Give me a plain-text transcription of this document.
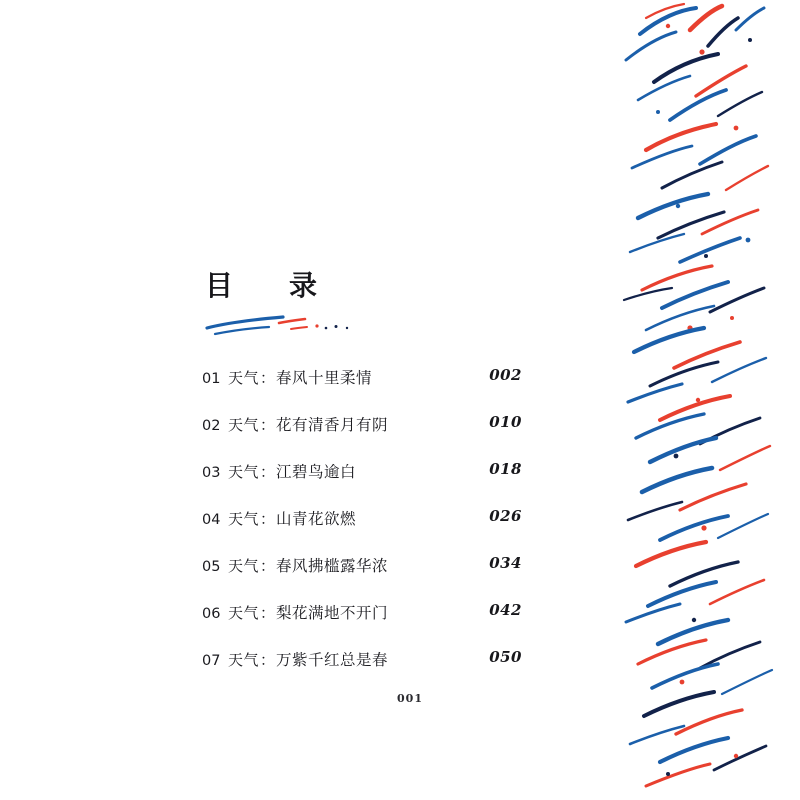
目　录
01 天气 ： 春风十里柔情	002
02 天气 ： 花有清香月有阴	010
03 天气 ： 江碧鸟逾白	018
04 天气 ： 山青花欲燃	026
05 天气 ： 春风拂槛露华浓	034
06 天气 ： 梨花满地不开门	042
07 天气 ： 万紫千红总是春	050
001
